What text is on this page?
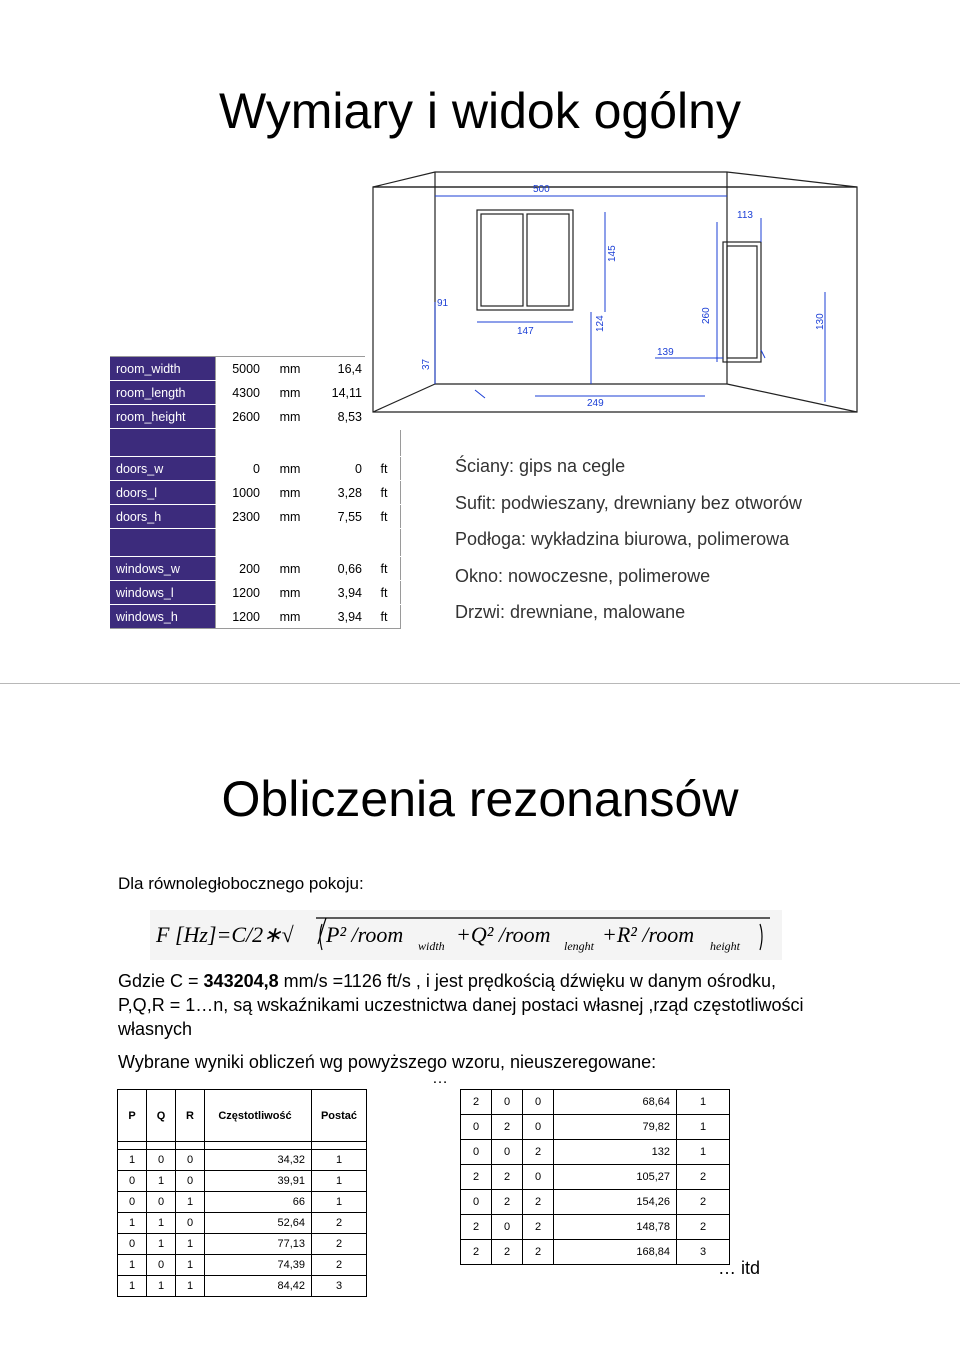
Wymiary i widok ogólny
room_width	5000	mm	16,4	
room_length	4300	mm	14,11	
room_height	2600	mm	8,53	

doors_w	0	mm	0	ft
doors_l	1000	mm	3,28	ft
doors_h	2300	mm	7,55	ft

windows_w	200	mm	0,66	ft
windows_l	1200	mm	3,94	ft
windows_h	1200	mm	3,94	ft
500
113
145
260	130
147	124
139
249
37
91
Ściany: gips na cegle
Sufit: podwieszany, drewniany bez otworów
Podłoga: wykładzina biurowa, polimerowa
Okno: nowoczesne, polimerowe
Drzwi: drewniane, malowane
Obliczenia rezonansów
Dla równoległobocznego pokoju:
F [Hz]=C/2∗√ P² /room width +Q² /room lenght +R² /room height
Gdzie C = 343204,8 mm/s =1126 ft/s , i jest prędkością dźwięku w danym ośrodku, P,Q,R = 1…n, są wskaźnikami uczestnictwa danej postaci własnej ,rząd częstotliwości własnych
Wybrane wyniki obliczeń wg powyższego wzoru, nieuszeregowane:
…
P	Q	R	Częstotliwość	Postać

1	0	0	34,32	1
0	1	0	39,91	1
0	0	1	66	1
1	1	0	52,64	2
0	1	1	77,13	2
1	0	1	74,39	2
1	1	1	84,42	3
2	0	0	68,64	1
0	2	0	79,82	1
0	0	2	132	1
2	2	0	105,27	2
0	2	2	154,26	2
2	0	2	148,78	2
2	2	2	168,84	3
… itd
